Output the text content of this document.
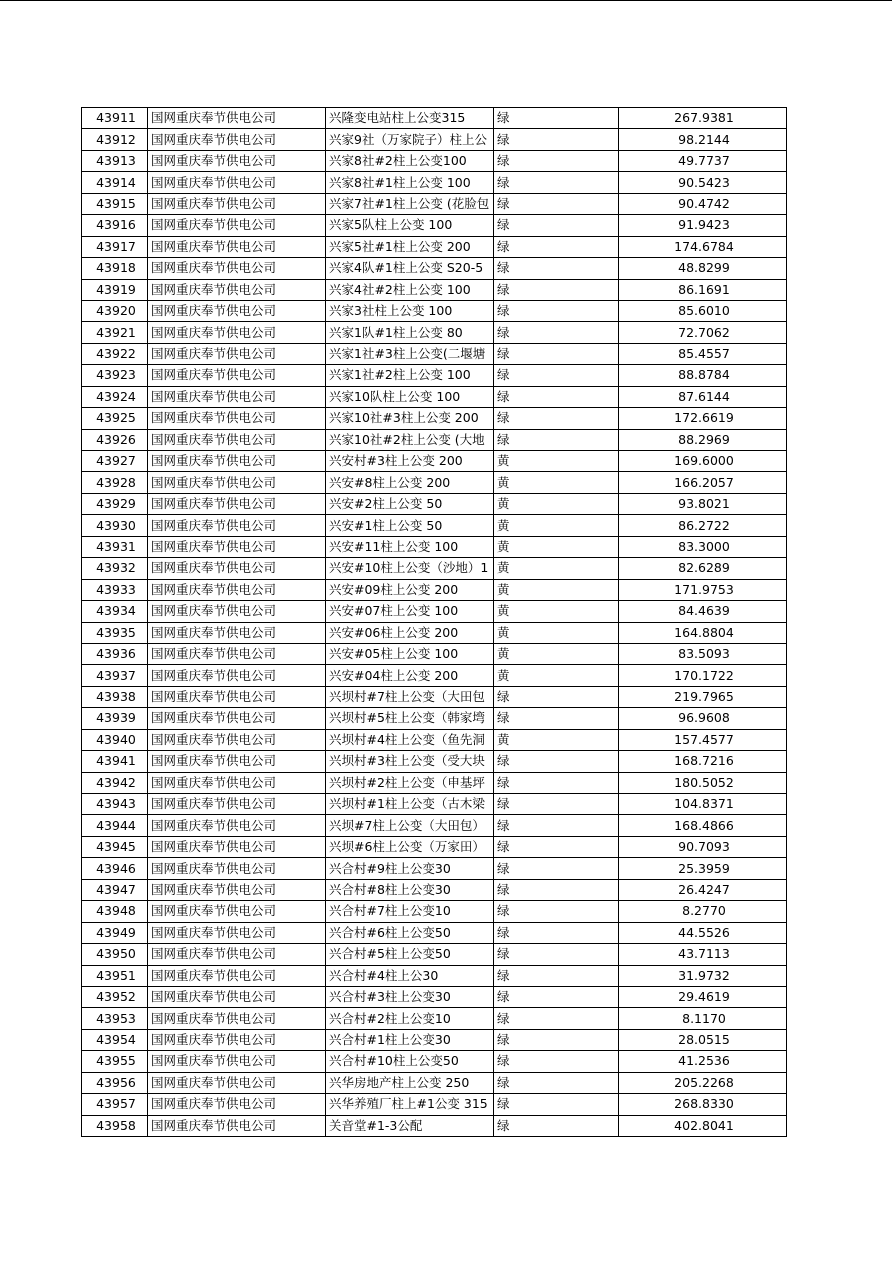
43911	国网重庆奉节供电公司	兴隆变电站柱上公变315	绿	267.9381
43912	国网重庆奉节供电公司	兴家9社（万家院子）柱上公	绿	98.2144
43913	国网重庆奉节供电公司	兴家8社#2柱上公变100	绿	49.7737
43914	国网重庆奉节供电公司	兴家8社#1柱上公变 100	绿	90.5423
43915	国网重庆奉节供电公司	兴家7社#1柱上公变 (花脸包	绿	90.4742
43916	国网重庆奉节供电公司	兴家5队柱上公变 100	绿	91.9423
43917	国网重庆奉节供电公司	兴家5社#1柱上公变 200	绿	174.6784
43918	国网重庆奉节供电公司	兴家4队#1柱上公变 S20-5	绿	48.8299
43919	国网重庆奉节供电公司	兴家4社#2柱上公变 100	绿	86.1691
43920	国网重庆奉节供电公司	兴家3社柱上公变 100	绿	85.6010
43921	国网重庆奉节供电公司	兴家1队#1柱上公变 80	绿	72.7062
43922	国网重庆奉节供电公司	兴家1社#3柱上公变(二堰塘	绿	85.4557
43923	国网重庆奉节供电公司	兴家1社#2柱上公变 100	绿	88.8784
43924	国网重庆奉节供电公司	兴家10队柱上公变 100	绿	87.6144
43925	国网重庆奉节供电公司	兴家10社#3柱上公变 200	绿	172.6619
43926	国网重庆奉节供电公司	兴家10社#2柱上公变 (大地	绿	88.2969
43927	国网重庆奉节供电公司	兴安村#3柱上公变 200	黄	169.6000
43928	国网重庆奉节供电公司	兴安#8柱上公变 200	黄	166.2057
43929	国网重庆奉节供电公司	兴安#2柱上公变 50	黄	93.8021
43930	国网重庆奉节供电公司	兴安#1柱上公变 50	黄	86.2722
43931	国网重庆奉节供电公司	兴安#11柱上公变 100	黄	83.3000
43932	国网重庆奉节供电公司	兴安#10柱上公变（沙地）1	黄	82.6289
43933	国网重庆奉节供电公司	兴安#09柱上公变 200	黄	171.9753
43934	国网重庆奉节供电公司	兴安#07柱上公变 100	黄	84.4639
43935	国网重庆奉节供电公司	兴安#06柱上公变 200	黄	164.8804
43936	国网重庆奉节供电公司	兴安#05柱上公变 100	黄	83.5093
43937	国网重庆奉节供电公司	兴安#04柱上公变 200	黄	170.1722
43938	国网重庆奉节供电公司	兴坝村#7柱上公变（大田包	绿	219.7965
43939	国网重庆奉节供电公司	兴坝村#5柱上公变（韩家塆	绿	96.9608
43940	国网重庆奉节供电公司	兴坝村#4柱上公变（鱼先洞	黄	157.4577
43941	国网重庆奉节供电公司	兴坝村#3柱上公变（受大块	绿	168.7216
43942	国网重庆奉节供电公司	兴坝村#2柱上公变（申基坪	绿	180.5052
43943	国网重庆奉节供电公司	兴坝村#1柱上公变（古木梁	绿	104.8371
43944	国网重庆奉节供电公司	兴坝#7柱上公变（大田包）	绿	168.4866
43945	国网重庆奉节供电公司	兴坝#6柱上公变（万家田）	绿	90.7093
43946	国网重庆奉节供电公司	兴合村#9柱上公变30	绿	25.3959
43947	国网重庆奉节供电公司	兴合村#8柱上公变30	绿	26.4247
43948	国网重庆奉节供电公司	兴合村#7柱上公变10	绿	8.2770
43949	国网重庆奉节供电公司	兴合村#6柱上公变50	绿	44.5526
43950	国网重庆奉节供电公司	兴合村#5柱上公变50	绿	43.7113
43951	国网重庆奉节供电公司	兴合村#4柱上公30	绿	31.9732
43952	国网重庆奉节供电公司	兴合村#3柱上公变30	绿	29.4619
43953	国网重庆奉节供电公司	兴合村#2柱上公变10	绿	8.1170
43954	国网重庆奉节供电公司	兴合村#1柱上公变30	绿	28.0515
43955	国网重庆奉节供电公司	兴合村#10柱上公变50	绿	41.2536
43956	国网重庆奉节供电公司	兴华房地产柱上公变 250	绿	205.2268
43957	国网重庆奉节供电公司	兴华养殖厂柱上#1公变 315	绿	268.8330
43958	国网重庆奉节供电公司	关音堂#1-3公配	绿	402.8041
